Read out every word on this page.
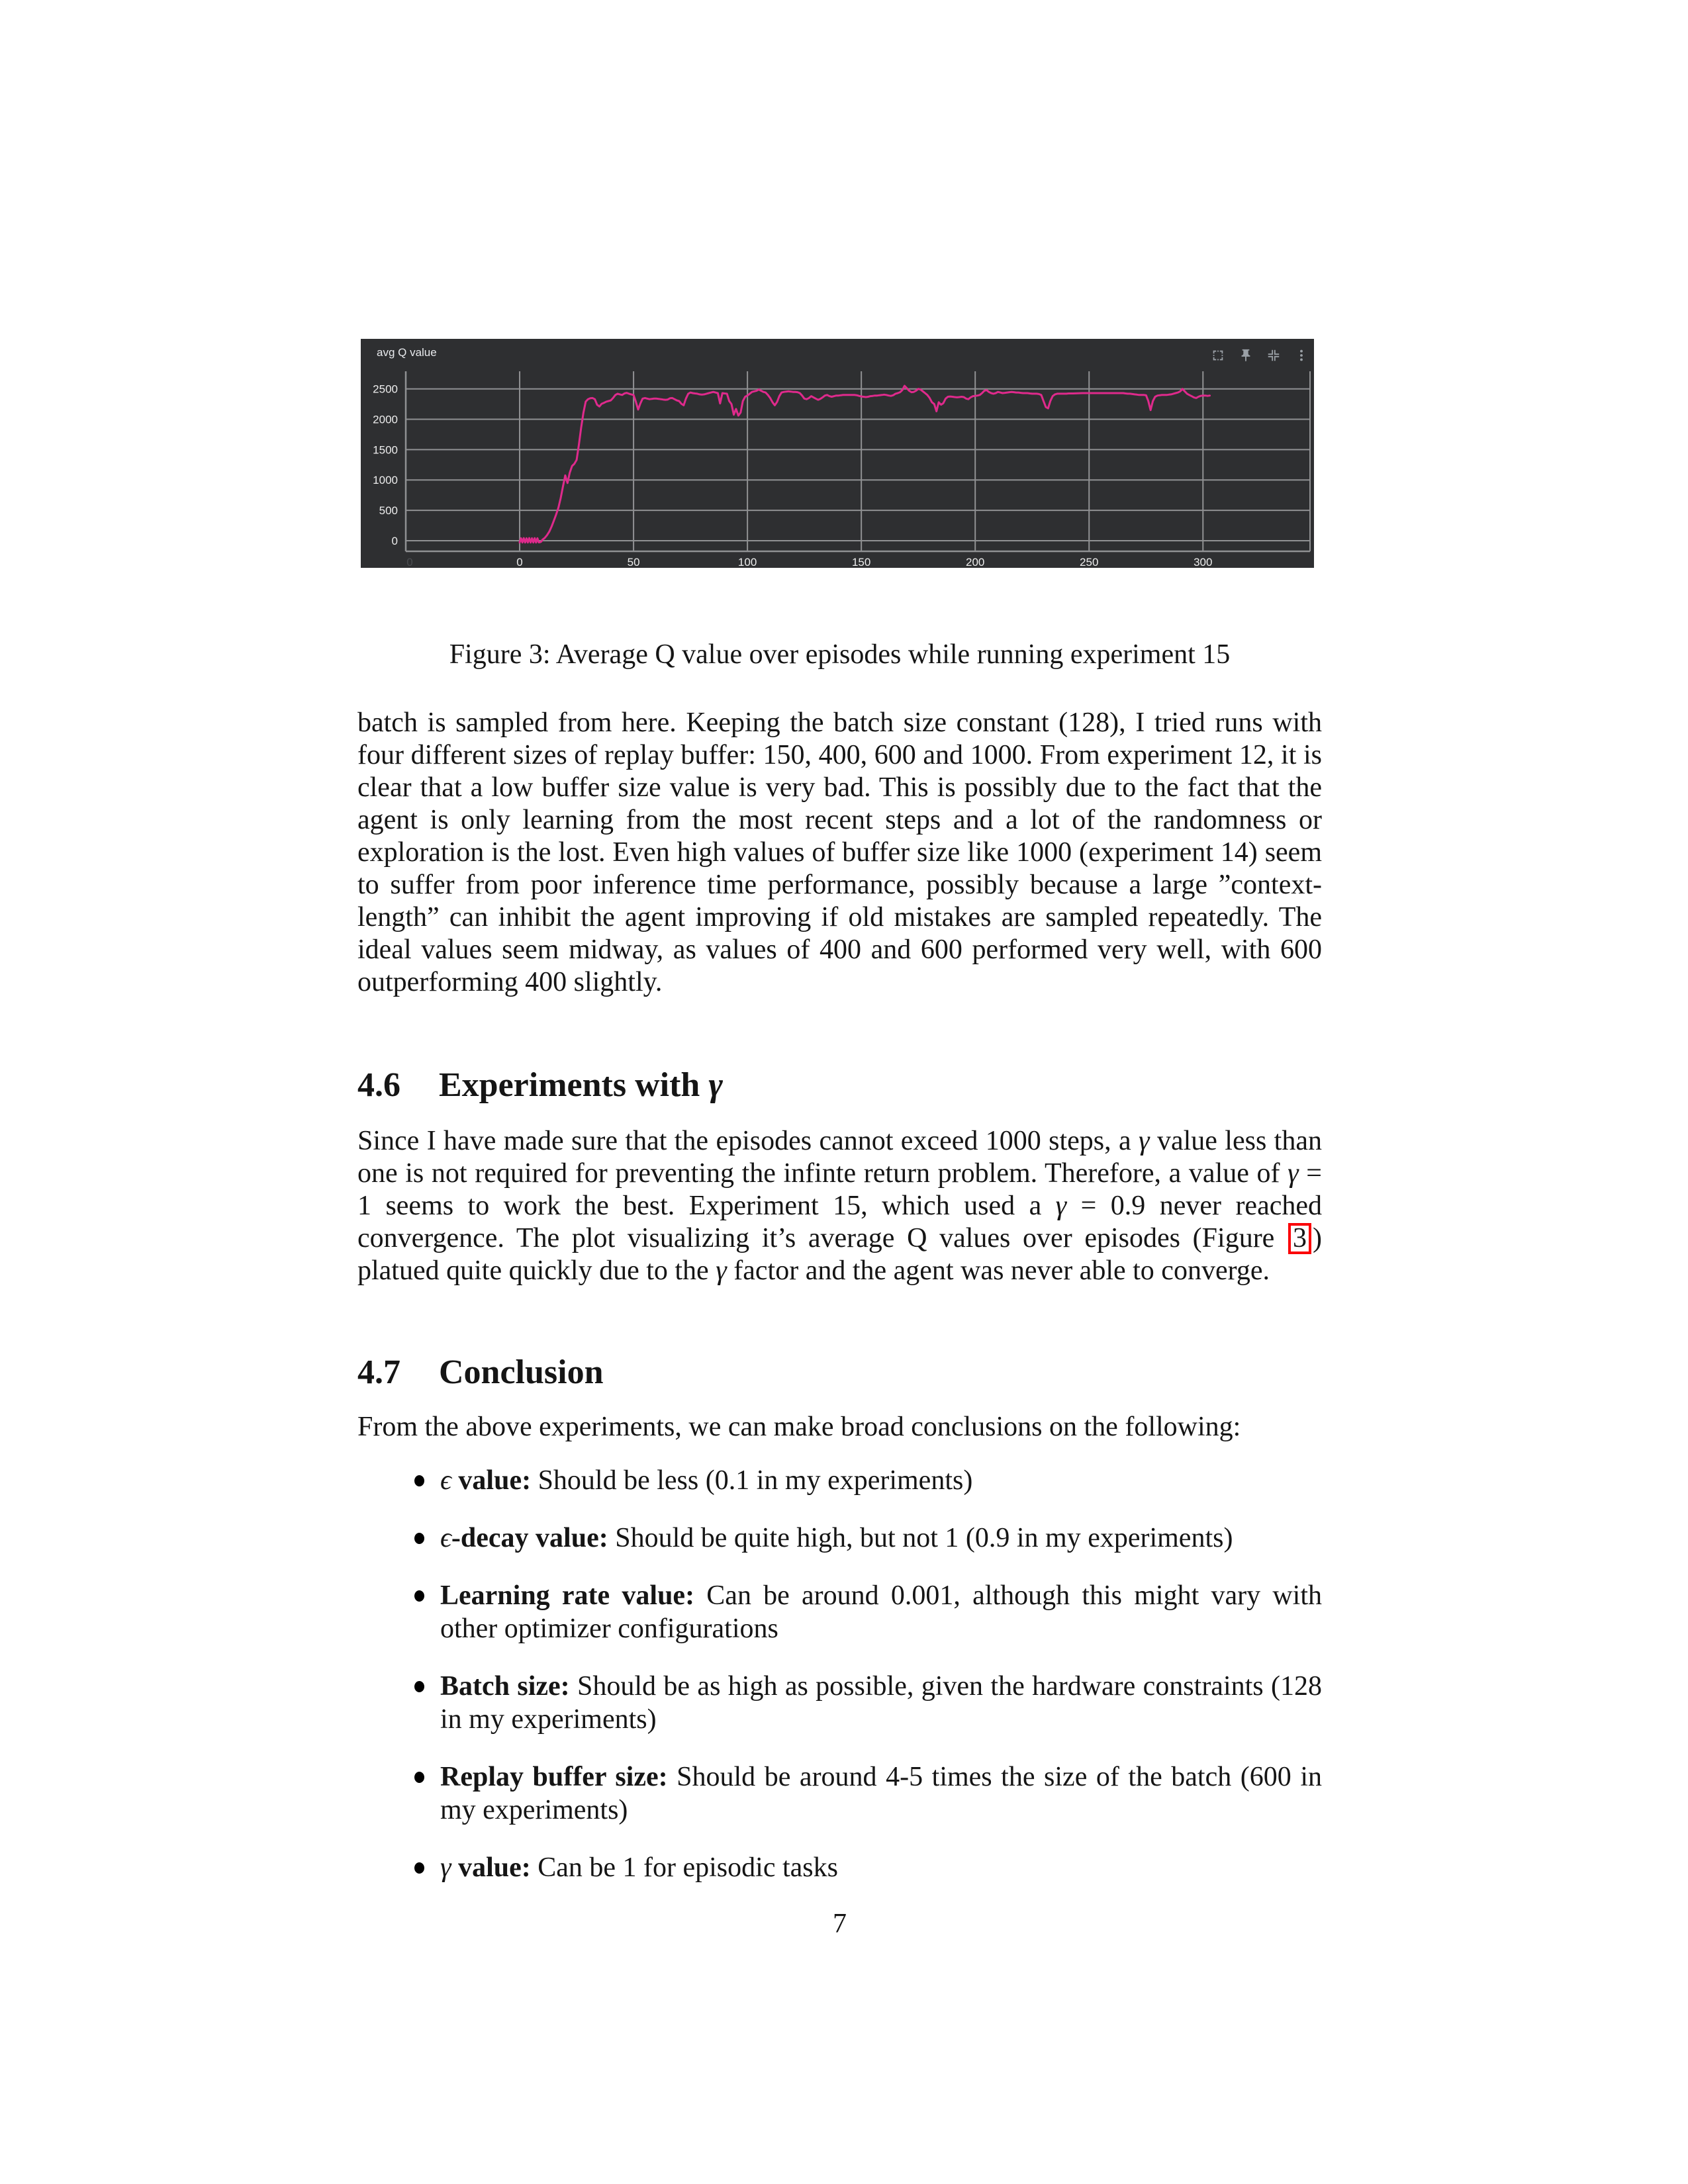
0
500
1000
1500
2000
2500
0	50	100	150	200	250	300
0
avg Q value
Figure 3: Average Q value over episodes while running experiment 15
batch is sampled from here. Keeping the batch size constant (128), I tried runs with four different sizes of replay buffer: 150, 400, 600 and 1000. From experiment 12, it is clear that a low buffer size value is very bad. This is possibly due to the fact that the agent is only learning from the most recent steps and a lot of the randomness or exploration is the lost. Even high values of buffer size like 1000 (experiment 14) seem to suffer from poor inference time performance, possibly because a large ”context-length” can inhibit the agent improving if old mistakes are sampled repeatedly. The ideal values seem midway, as values of 400 and 600 performed very well, with 600 outperforming 400 slightly.
4.6 Experiments with γ
Since I have made sure that the episodes cannot exceed 1000 steps, a γ value less than one is not required for preventing the infinte return problem. Therefore, a value of γ = 1 seems to work the best. Experiment 15, which used a γ = 0.9 never reached convergence. The plot visualizing it’s average Q values over episodes (Figure 3 ) platued quite quickly due to the γ factor and the agent was never able to converge.
4.7 Conclusion
From the above experiments, we can make broad conclusions on the following:
ϵ value: Should be less (0.1 in my experiments)
ϵ-decay value: Should be quite high, but not 1 (0.9 in my experiments)
Learning rate value: Can be around 0.001, although this might vary with other optimizer configurations
Batch size: Should be as high as possible, given the hardware constraints (128 in my experiments)
Replay buffer size: Should be around 4-5 times the size of the batch (600 in my experiments)
γ value: Can be 1 for episodic tasks
7
